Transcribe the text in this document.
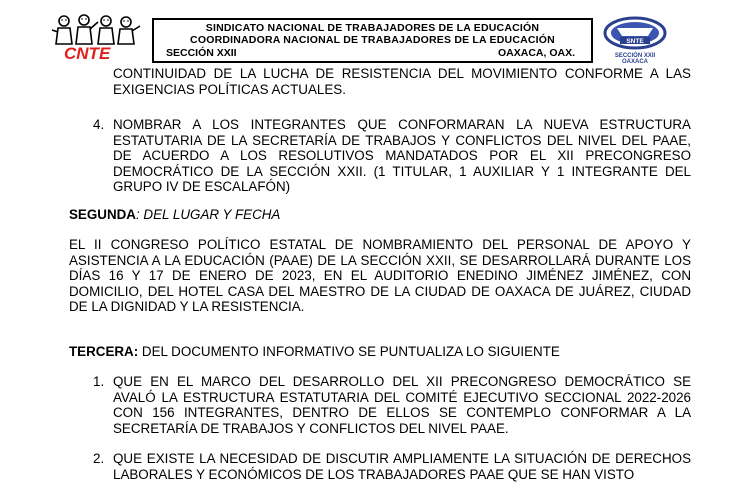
CNTE
SINDICATO NACIONAL DE TRABAJADORES DE LA EDUCACIÓN
COORDINADORA NACIONAL DE TRABAJADORES DE LA EDUCACIÓN
SECCIÓN XXII	OAXACA, OAX.
SNTE
SECCIÓN XXII
OAXACA

CONTINUIDAD DE LA LUCHA DE RESISTENCIA DEL MOVIMIENTO CONFORME A LAS EXIGENCIAS POLÍTICAS ACTUALES.

4. NOMBRAR A LOS INTEGRANTES QUE CONFORMARAN LA NUEVA ESTRUCTURA ESTATUTARIA DE LA SECRETARÍA DE TRABAJOS Y CONFLICTOS DEL NIVEL DEL PAAE, DE ACUERDO A LOS RESOLUTIVOS MANDATADOS POR EL XII PRECONGRESO DEMOCRÁTICO DE LA SECCIÓN XXII. (1 TITULAR, 1 AUXILIAR Y 1 INTEGRANTE DEL GRUPO IV DE ESCALAFÓN)

SEGUNDA: DEL LUGAR Y FECHA

EL II CONGRESO POLÍTICO ESTATAL DE NOMBRAMIENTO DEL PERSONAL DE APOYO Y ASISTENCIA A LA EDUCACIÓN (PAAE) DE LA SECCIÓN XXII, SE DESARROLLARÁ DURANTE LOS DÍAS 16 Y 17 DE ENERO DE 2023, EN EL AUDITORIO ENEDINO JIMÉNEZ JIMÉNEZ, CON DOMICILIO, DEL HOTEL CASA DEL MAESTRO DE LA CIUDAD DE OAXACA DE JUÁREZ, CIUDAD DE LA DIGNIDAD Y LA RESISTENCIA.

TERCERA: DEL DOCUMENTO INFORMATIVO SE PUNTUALIZA LO SIGUIENTE

1. QUE EN EL MARCO DEL DESARROLLO DEL XII PRECONGRESO DEMOCRÁTICO SE AVALÓ LA ESTRUCTURA ESTATUTARIA DEL COMITÉ EJECUTIVO SECCIONAL 2022-2026 CON 156 INTEGRANTES, DENTRO DE ELLOS SE CONTEMPLO CONFORMAR A LA SECRETARÍA DE TRABAJOS Y CONFLICTOS DEL NIVEL PAAE.

2. QUE EXISTE LA NECESIDAD DE DISCUTIR AMPLIAMENTE LA SITUACIÓN DE DERECHOS LABORALES Y ECONÓMICOS DE LOS TRABAJADORES PAAE QUE SE HAN VISTO
